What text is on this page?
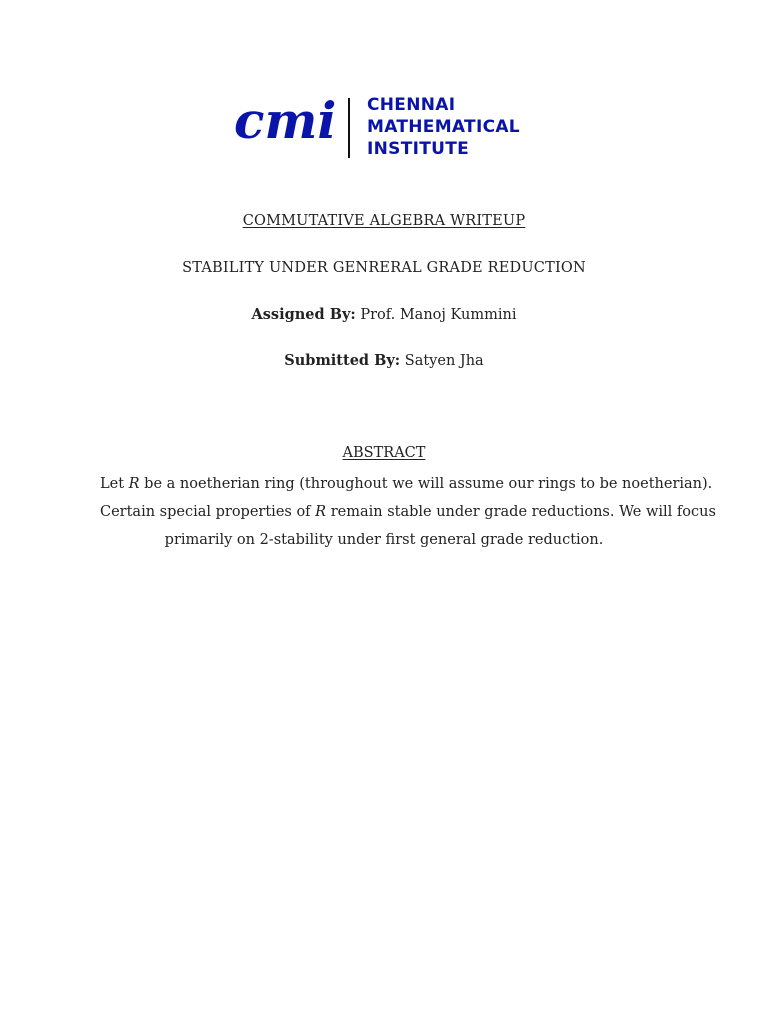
cmi CHENNAI
MATHEMATICAL
INSTITUTE
COMMUTATIVE ALGEBRA WRITEUP
STABILITY UNDER GENRERAL GRADE REDUCTION
Assigned By: Prof. Manoj Kummini
Submitted By: Satyen Jha
ABSTRACT
Let R be a noetherian ring (throughout we will assume our rings to be noetherian).
Certain special properties of R remain stable under grade reductions. We will focus
primarily on 2-stability under first general grade reduction.
